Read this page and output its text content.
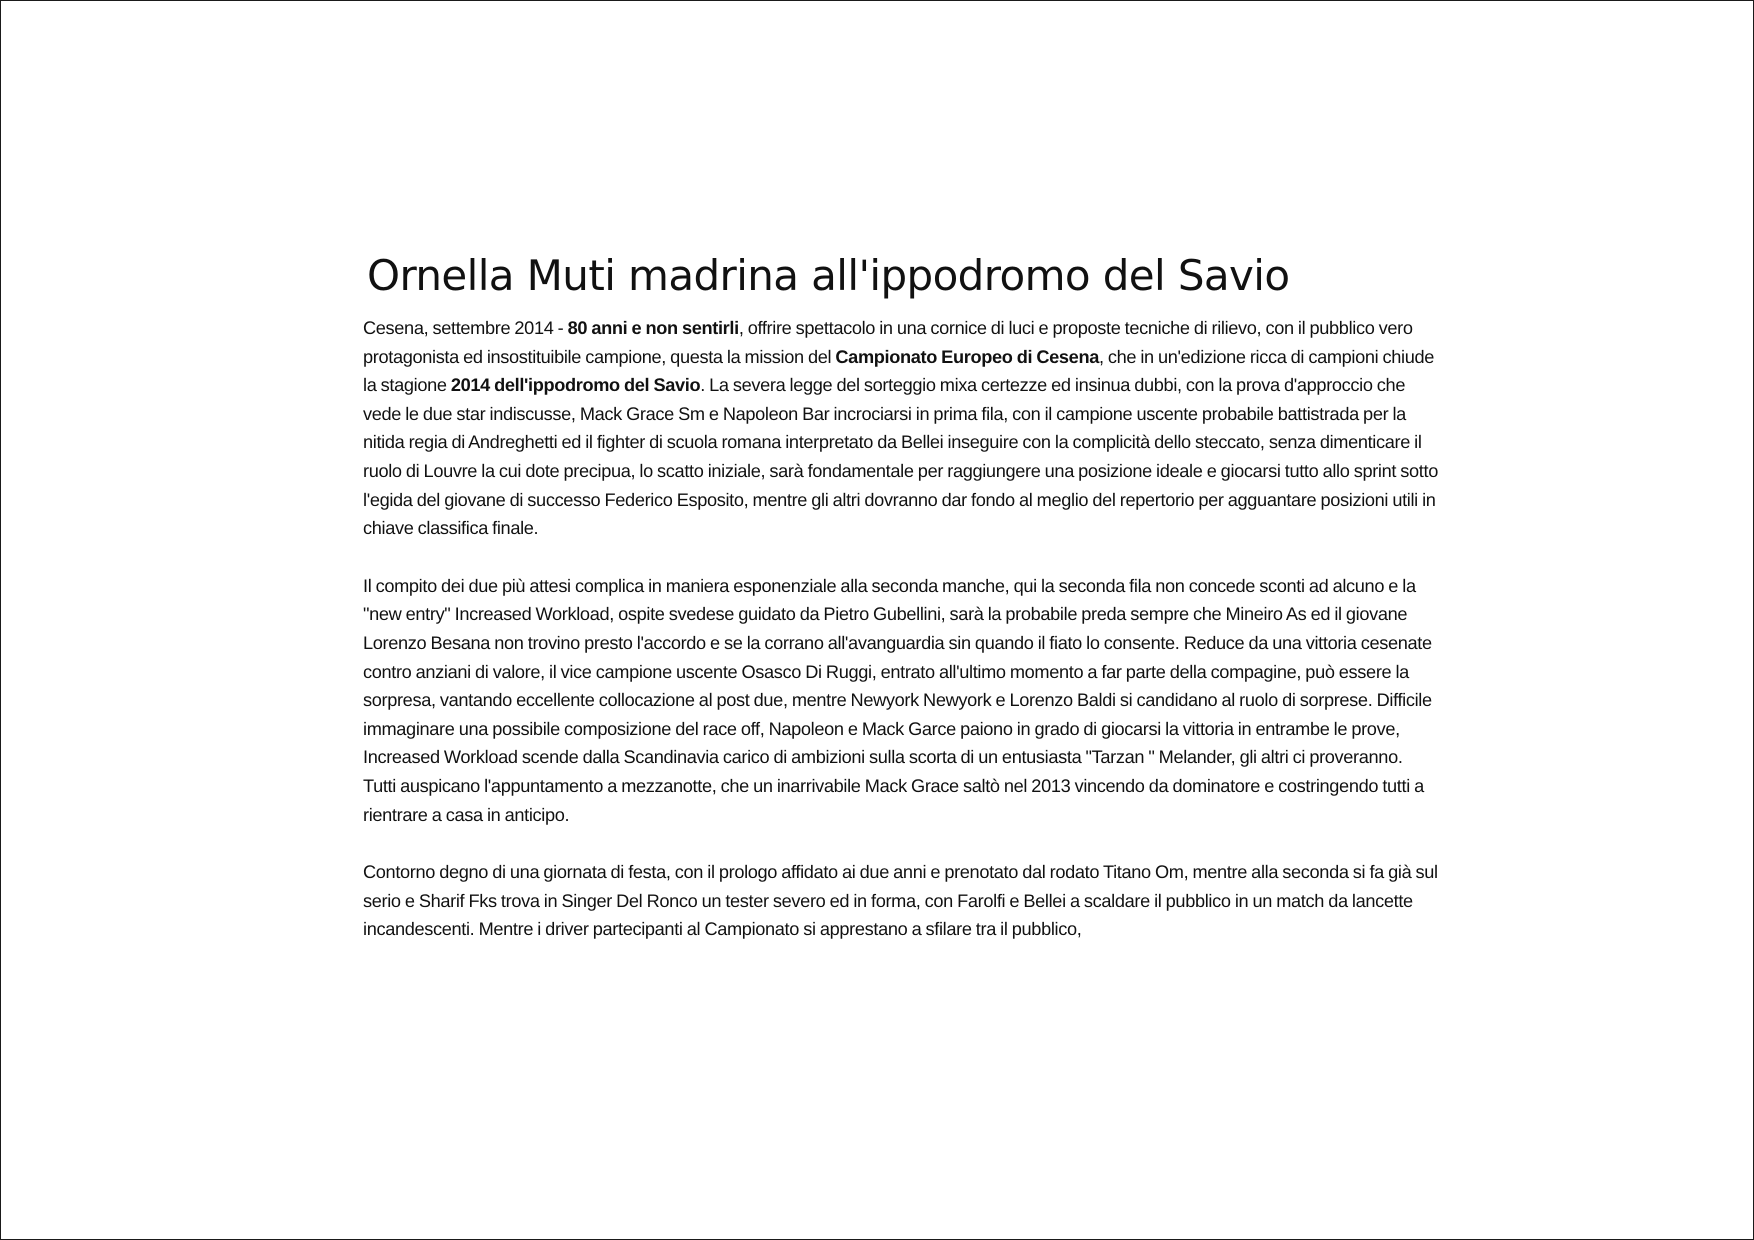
Ornella Muti madrina all'ippodromo del Savio

Cesena, settembre 2014 - 80 anni e non sentirli, offrire spettacolo in una cornice di luci e proposte tecniche di rilievo, con il pubblico vero protagonista ed insostituibile campione, questa la mission del Campionato Europeo di Cesena, che in un'edizione ricca di campioni chiude la stagione 2014 dell'ippodromo del Savio. La severa legge del sorteggio mixa certezze ed insinua dubbi, con la prova d'approccio che vede le due star indiscusse, Mack Grace Sm e Napoleon Bar incrociarsi in prima fila, con il campione uscente probabile battistrada per la nitida regia di Andreghetti ed il fighter di scuola romana interpretato da Bellei inseguire con la complicità dello steccato, senza dimenticare il ruolo di Louvre la cui dote precipua, lo scatto iniziale, sarà fondamentale per raggiungere una posizione ideale e giocarsi tutto allo sprint sotto l'egida del giovane di successo Federico Esposito, mentre gli altri dovranno dar fondo al meglio del repertorio per agguantare posizioni utili in chiave classifica finale.

Il compito dei due più attesi complica in maniera esponenziale alla seconda manche, qui la seconda fila non concede sconti ad alcuno e la "new entry" Increased Workload, ospite svedese guidato da Pietro Gubellini, sarà la probabile preda sempre che Mineiro As ed il giovane Lorenzo Besana non trovino presto l'accordo e se la corrano all'avanguardia sin quando il fiato lo consente. Reduce da una vittoria cesenate contro anziani di valore, il vice campione uscente Osasco Di Ruggi, entrato all'ultimo momento a far parte della compagine, può essere la sorpresa, vantando eccellente collocazione al post due, mentre Newyork Newyork e Lorenzo Baldi si candidano al ruolo di sorprese. Difficile immaginare una possibile composizione del race off, Napoleon e Mack Garce paiono in grado di giocarsi la vittoria in entrambe le prove, Increased Workload scende dalla Scandinavia carico di ambizioni sulla scorta di un entusiasta "Tarzan " Melander, gli altri ci proveranno. Tutti auspicano l'appuntamento a mezzanotte, che un inarrivabile Mack Grace saltò nel 2013 vincendo da dominatore e costringendo tutti a rientrare a casa in anticipo.

Contorno degno di una giornata di festa, con il prologo affidato ai due anni e prenotato dal rodato Titano Om, mentre alla seconda si fa già sul serio e Sharif Fks trova in Singer Del Ronco un tester severo ed in forma, con Farolfi e Bellei a scaldare il pubblico in un match da lancette incandescenti. Mentre i driver partecipanti al Campionato si apprestano a sfilare tra il pubblico,
